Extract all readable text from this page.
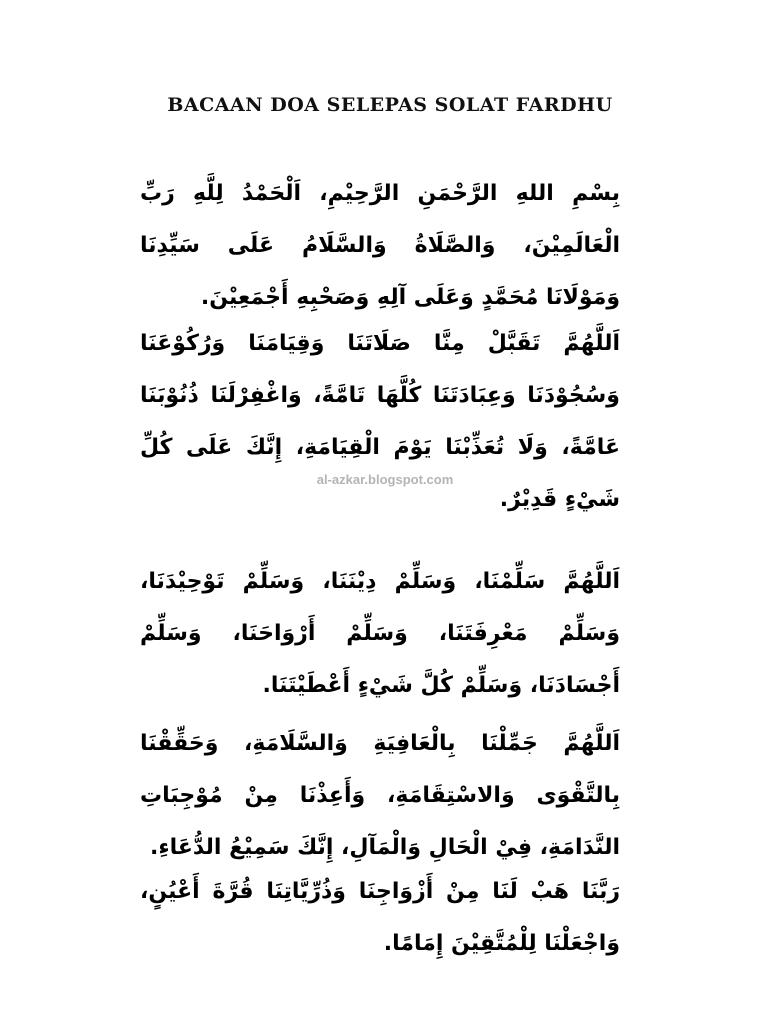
BACAAN DOA SELEPAS SOLAT FARDHU
بِسْمِ اللهِ الرَّحْمَنِ الرَّحِيْمِ، اَلْحَمْدُ لِلَّهِ رَبِّ الْعَالَمِيْنَ، وَالصَّلَاةُ وَالسَّلَامُ عَلَى سَيِّدِنَا وَمَوْلَانَا مُحَمَّدٍ وَعَلَى آلِهِ وَصَحْبِهِ أَجْمَعِيْنَ.
اَللَّهُمَّ تَقَبَّلْ مِنَّا صَلَاتَنَا وَقِيَامَنَا وَرُكُوْعَنَا وَسُجُوْدَنَا وَعِبَادَتَنَا كُلَّهَا تَامَّةً، وَاغْفِرْلَنَا ذُنُوْبَنَا عَامَّةً، وَلَا تُعَذِّبْنَا يَوْمَ الْقِيَامَةِ، إِنَّكَ عَلَى كُلِّ شَيْءٍ قَدِيْرٌ.
al-azkar.blogspot.com
اَللَّهُمَّ سَلِّمْنَا، وَسَلِّمْ دِيْنَنَا، وَسَلِّمْ تَوْحِيْدَنَا، وَسَلِّمْ مَعْرِفَتَنَا، وَسَلِّمْ أَرْوَاحَنَا، وَسَلِّمْ أَجْسَادَنَا، وَسَلِّمْ كُلَّ شَيْءٍ أَعْطَيْتَنَا.
اَللَّهُمَّ جَمِّلْنَا بِالْعَافِيَةِ وَالسَّلَامَةِ، وَحَقِّقْنَا بِالتَّقْوَى وَالاسْتِقَامَةِ، وَأَعِذْنَا مِنْ مُوْجِبَاتِ النَّدَامَةِ، فِيْ الْحَالِ وَالْمَآلِ، إِنَّكَ سَمِيْعُ الدُّعَاءِ.
رَبَّنَا هَبْ لَنَا مِنْ أَزْوَاجِنَا وَذُرِّيَّاتِنَا قُرَّةَ أَعْيُنٍ، وَاجْعَلْنَا لِلْمُتَّقِيْنَ إِمَامًا.
